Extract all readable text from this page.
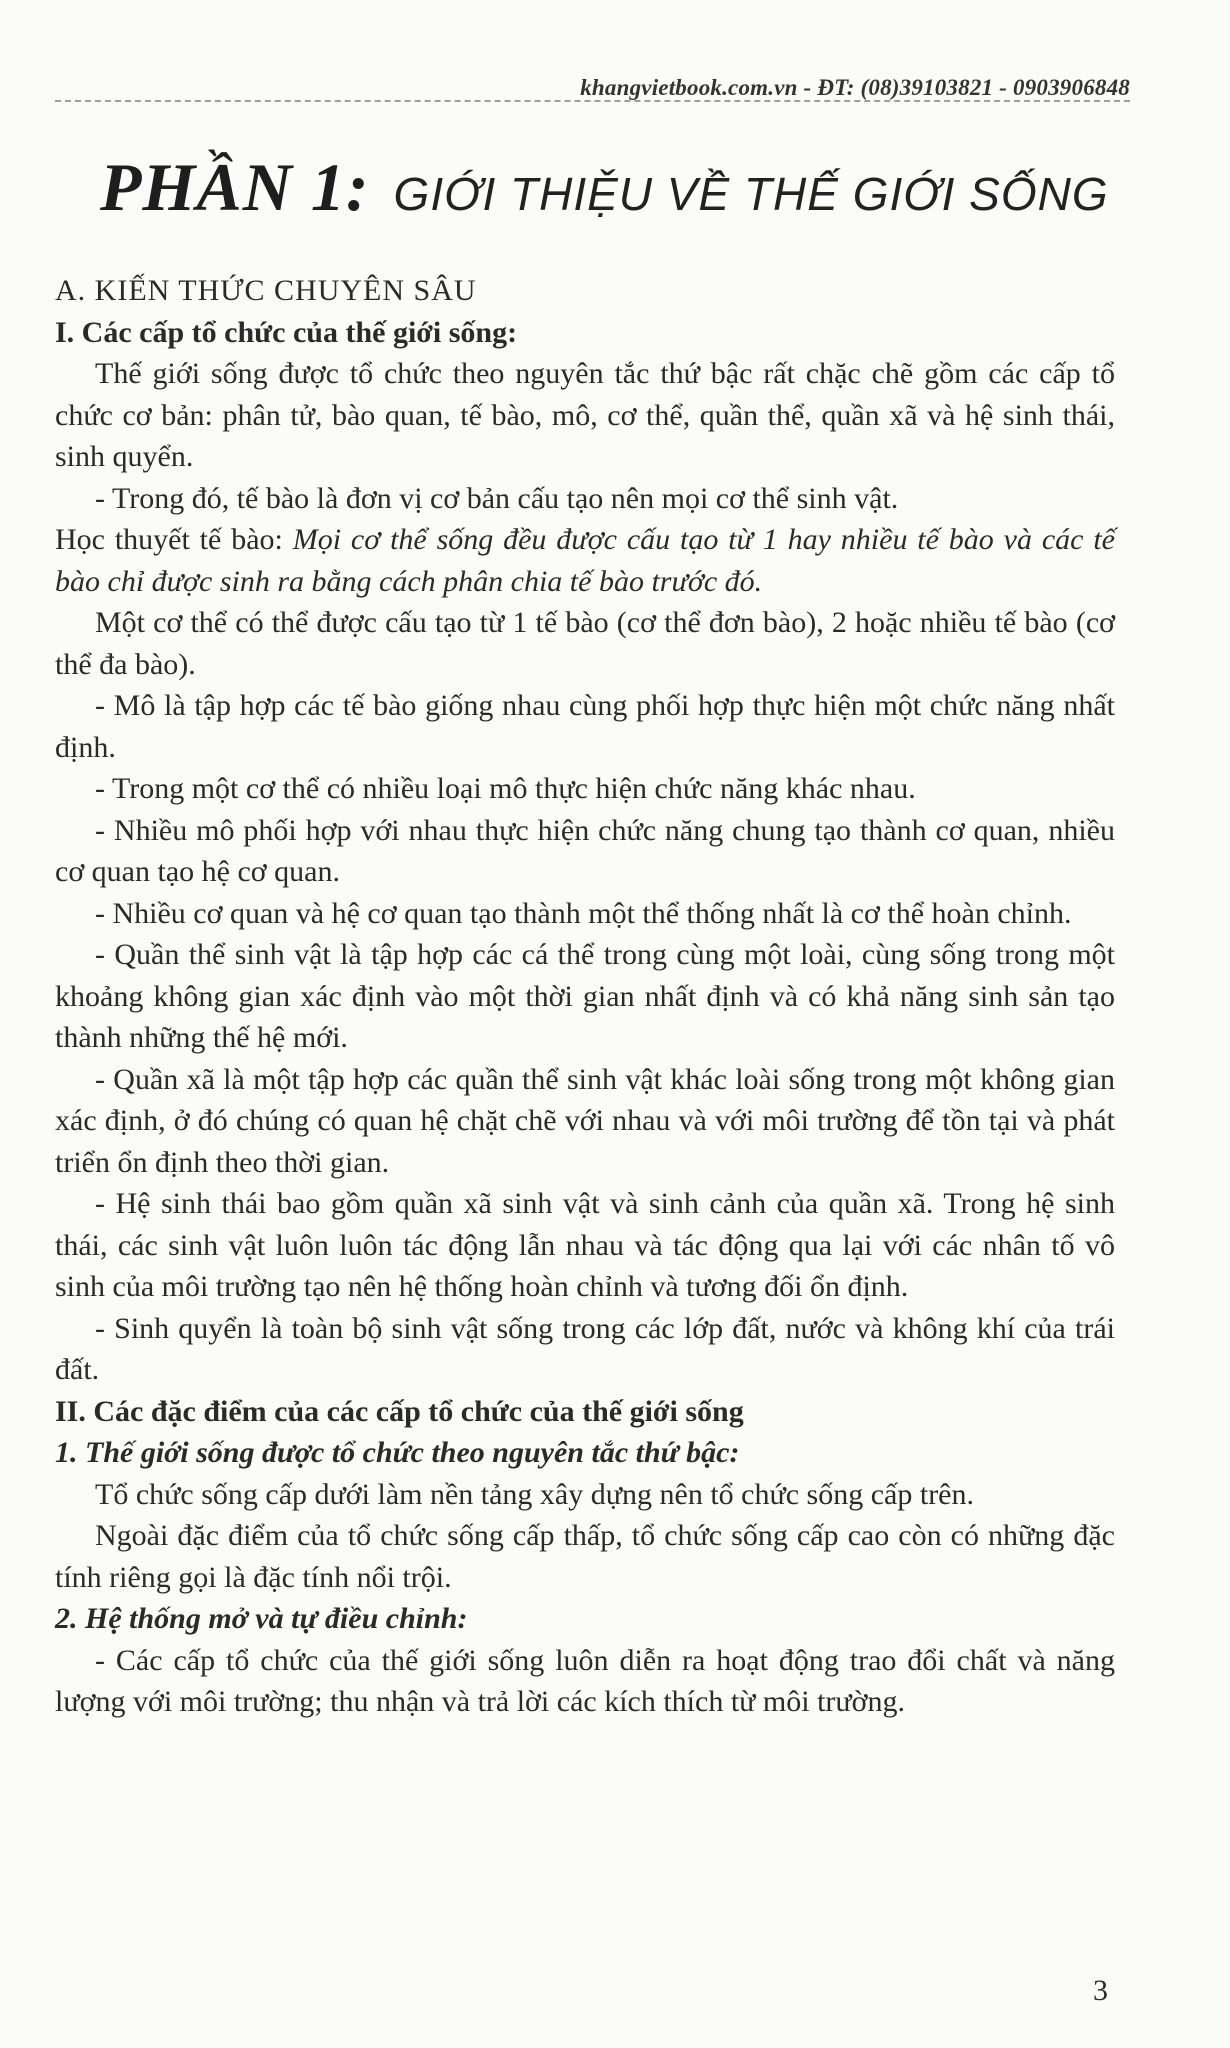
khangvietbook.com.vn - ĐT: (08)39103821 - 0903906848
PHẦN 1: GIỚI THIỆU VỀ THẾ GIỚI SỐNG

A. KIẾN THỨC CHUYÊN SÂU

I. Các cấp tổ chức của thế giới sống:

Thế giới sống được tổ chức theo nguyên tắc thứ bậc rất chặc chẽ gồm các cấp tổ chức cơ bản: phân tử, bào quan, tế bào, mô, cơ thể, quần thể, quần xã và hệ sinh thái, sinh quyển.

- Trong đó, tế bào là đơn vị cơ bản cấu tạo nên mọi cơ thể sinh vật.

Học thuyết tế bào: Mọi cơ thể sống đều được cấu tạo từ 1 hay nhiều tế bào và các tế bào chỉ được sinh ra bằng cách phân chia tế bào trước đó.

Một cơ thể có thể được cấu tạo từ 1 tế bào (cơ thể đơn bào), 2 hoặc nhiều tế bào (cơ thể đa bào).

- Mô là tập hợp các tế bào giống nhau cùng phối hợp thực hiện một chức năng nhất định.

- Trong một cơ thể có nhiều loại mô thực hiện chức năng khác nhau.

- Nhiều mô phối hợp với nhau thực hiện chức năng chung tạo thành cơ quan, nhiều cơ quan tạo hệ cơ quan.

- Nhiều cơ quan và hệ cơ quan tạo thành một thể thống nhất là cơ thể hoàn chỉnh.

- Quần thể sinh vật là tập hợp các cá thể trong cùng một loài, cùng sống trong một khoảng không gian xác định vào một thời gian nhất định và có khả năng sinh sản tạo thành những thế hệ mới.

- Quần xã là một tập hợp các quần thể sinh vật khác loài sống trong một không gian xác định, ở đó chúng có quan hệ chặt chẽ với nhau và với môi trường để tồn tại và phát triển ổn định theo thời gian.

- Hệ sinh thái bao gồm quần xã sinh vật và sinh cảnh của quần xã. Trong hệ sinh thái, các sinh vật luôn luôn tác động lẫn nhau và tác động qua lại với các nhân tố vô sinh của môi trường tạo nên hệ thống hoàn chỉnh và tương đối ổn định.

- Sinh quyển là toàn bộ sinh vật sống trong các lớp đất, nước và không khí của trái đất.

II. Các đặc điểm của các cấp tổ chức của thế giới sống

1. Thế giới sống được tổ chức theo nguyên tắc thứ bậc:

Tổ chức sống cấp dưới làm nền tảng xây dựng nên tổ chức sống cấp trên.

Ngoài đặc điểm của tổ chức sống cấp thấp, tổ chức sống cấp cao còn có những đặc tính riêng gọi là đặc tính nổi trội.

2. Hệ thống mở và tự điều chỉnh:

- Các cấp tổ chức của thế giới sống luôn diễn ra hoạt động trao đổi chất và năng lượng với môi trường; thu nhận và trả lời các kích thích từ môi trường.

3
